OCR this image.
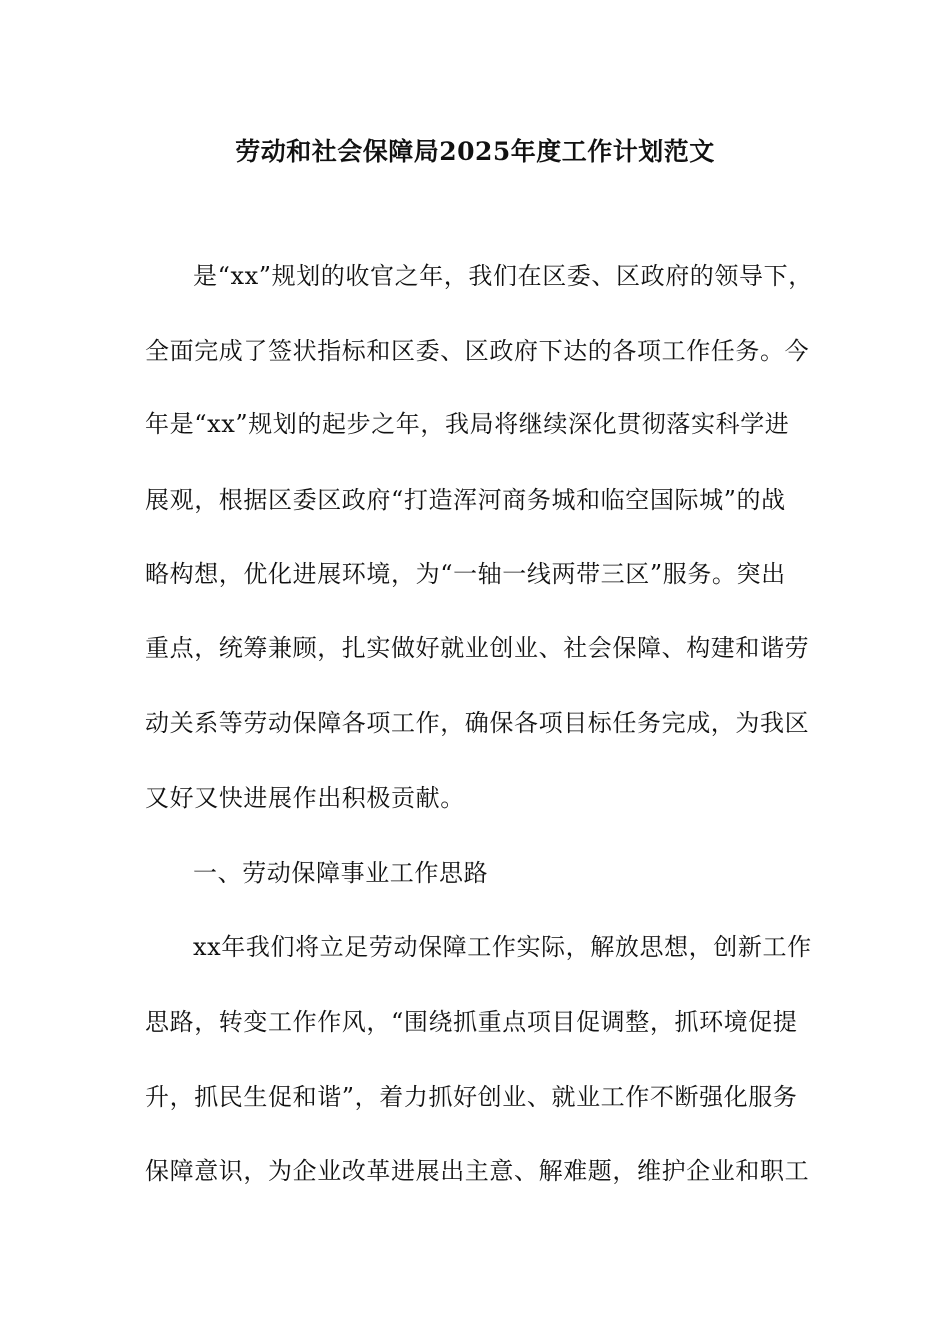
劳动和社会保障局2025年度工作计划范文
是“xx”规划的收官之年，我们在区委、区政府的领导下，
全面完成了签状指标和区委、区政府下达的各项工作任务。今
年是“xx”规划的起步之年，我局将继续深化贯彻落实科学进
展观，根据区委区政府“打造浑河商务城和临空国际城”的战
略构想，优化进展环境，为“一轴一线两带三区”服务。突出
重点，统筹兼顾，扎实做好就业创业、社会保障、构建和谐劳
动关系等劳动保障各项工作，确保各项目标任务完成，为我区
又好又快进展作出积极贡献。
一、劳动保障事业工作思路
xx年我们将立足劳动保障工作实际，解放思想，创新工作
思路，转变工作作风，“围绕抓重点项目促调整，抓环境促提
升，抓民生促和谐”，着力抓好创业、就业工作不断强化服务
保障意识，为企业改革进展出主意、解难题，维护企业和职工
